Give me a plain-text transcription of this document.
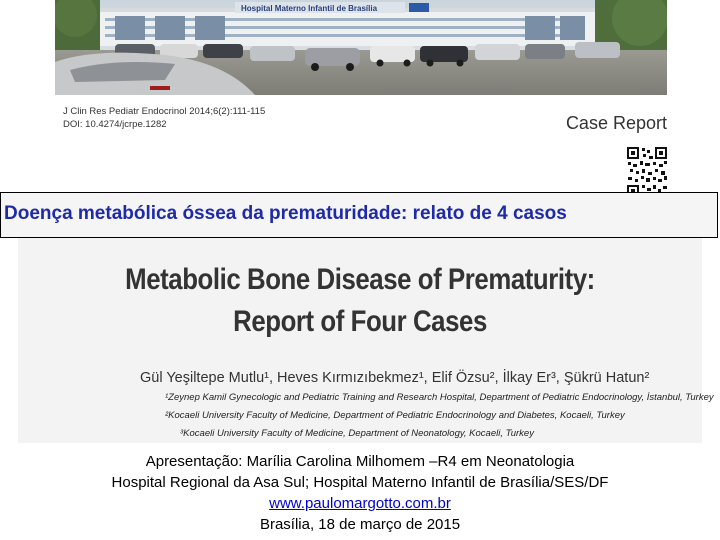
Hospital Materno Infantil de Brasília
J Clin Res Pediatr Endocrinol 2014;6(2):111-115
DOI: 10.4274/jcrpe.1282	Case Report
Doença metabólica óssea da prematuridade: relato de 4 casos
Metabolic Bone Disease of Prematurity:
Report of Four Cases
Gül Yeşiltepe Mutlu¹, Heves Kırmızıbekmez¹, Elif Özsu², İlkay Er³, Şükrü Hatun²
¹Zeynep Kamil Gynecologic and Pediatric Training and Research Hospital, Department of Pediatric Endocrinology, İstanbul, Turkey
²Kocaeli University Faculty of Medicine, Department of Pediatric Endocrinology and Diabetes, Kocaeli, Turkey
³Kocaeli University Faculty of Medicine, Department of Neonatology, Kocaeli, Turkey
Apresentação: Marília Carolina Milhomem –R4 em Neonatologia
Hospital Regional da Asa Sul; Hospital Materno Infantil de Brasília/SES/DF
www.paulomargotto.com.br
Brasília, 18 de março de 2015
